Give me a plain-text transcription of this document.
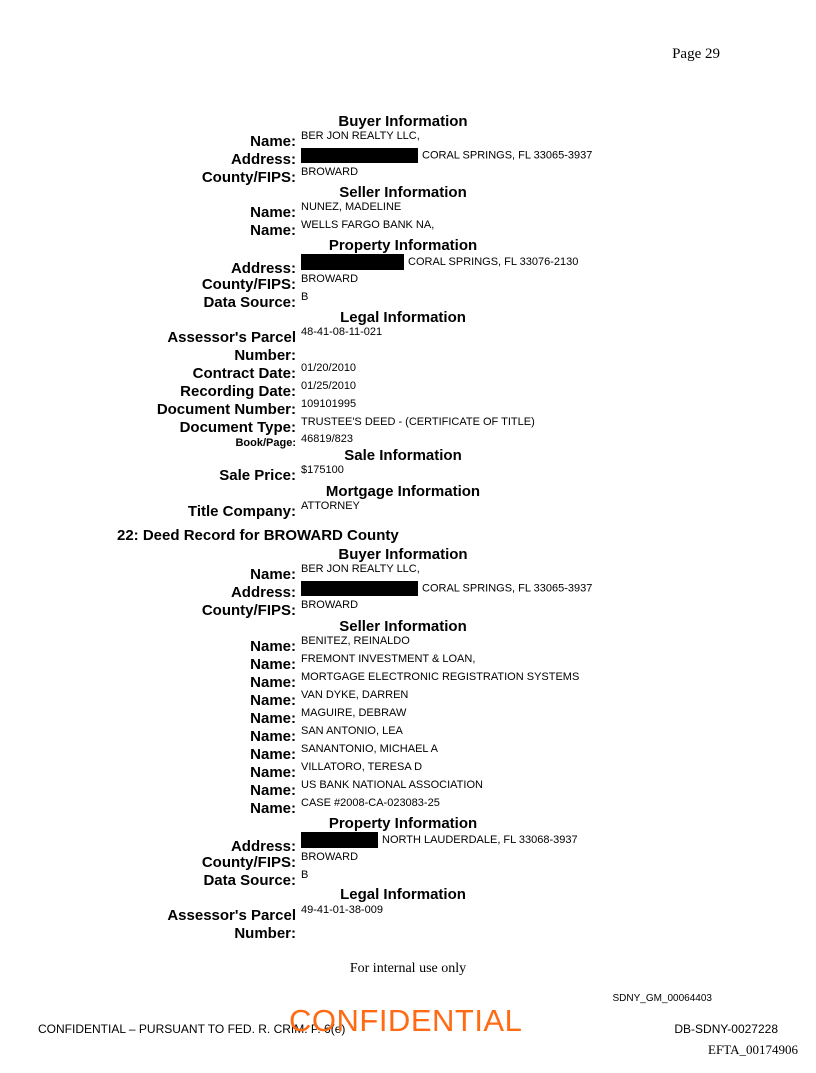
Page 29
Buyer Information
Name: BER JON REALTY LLC,
Address:	CORAL SPRINGS, FL 33065-3937
County/FIPS: BROWARD
Seller Information
Name: NUNEZ, MADELINE
Name: WELLS FARGO BANK NA,
Property Information
Address:	CORAL SPRINGS, FL 33076-2130
County/FIPS: BROWARD
Data Source: B
Legal Information
Assessor's Parcel 48-41-08-11-021
Number:
Contract Date: 01/20/2010
Recording Date: 01/25/2010
Document Number: 109101995
Document Type: TRUSTEE'S DEED - (CERTIFICATE OF TITLE)
Book/Page: 46819/823
Sale Information
Sale Price: $175100
Mortgage Information
Title Company: ATTORNEY
22: Deed Record for BROWARD County
Buyer Information
Name: BER JON REALTY LLC,
Address:	CORAL SPRINGS, FL 33065-3937
County/FIPS: BROWARD
Seller Information
Name: BENITEZ, REINALDO
Name: FREMONT INVESTMENT & LOAN,
Name: MORTGAGE ELECTRONIC REGISTRATION SYSTEMS
Name: VAN DYKE, DARREN
Name: MAGUIRE, DEBRAW
Name: SAN ANTONIO, LEA
Name: SANANTONIO, MICHAEL A
Name: VILLATORO, TERESA D
Name: US BANK NATIONAL ASSOCIATION
Name: CASE #2008-CA-023083-25
Property Information
Address:	NORTH LAUDERDALE, FL 33068-3937
County/FIPS: BROWARD
Data Source: B
Legal Information
Assessor's Parcel 49-41-01-38-009
Number:
For internal use only
SDNY_GM_00064403
CONFIDENTIAL – PURSUANT TO FED. R. CRIM. P. 6(e)
CONFIDENTIAL	DB-SDNY-0027228
EFTA_00174906
